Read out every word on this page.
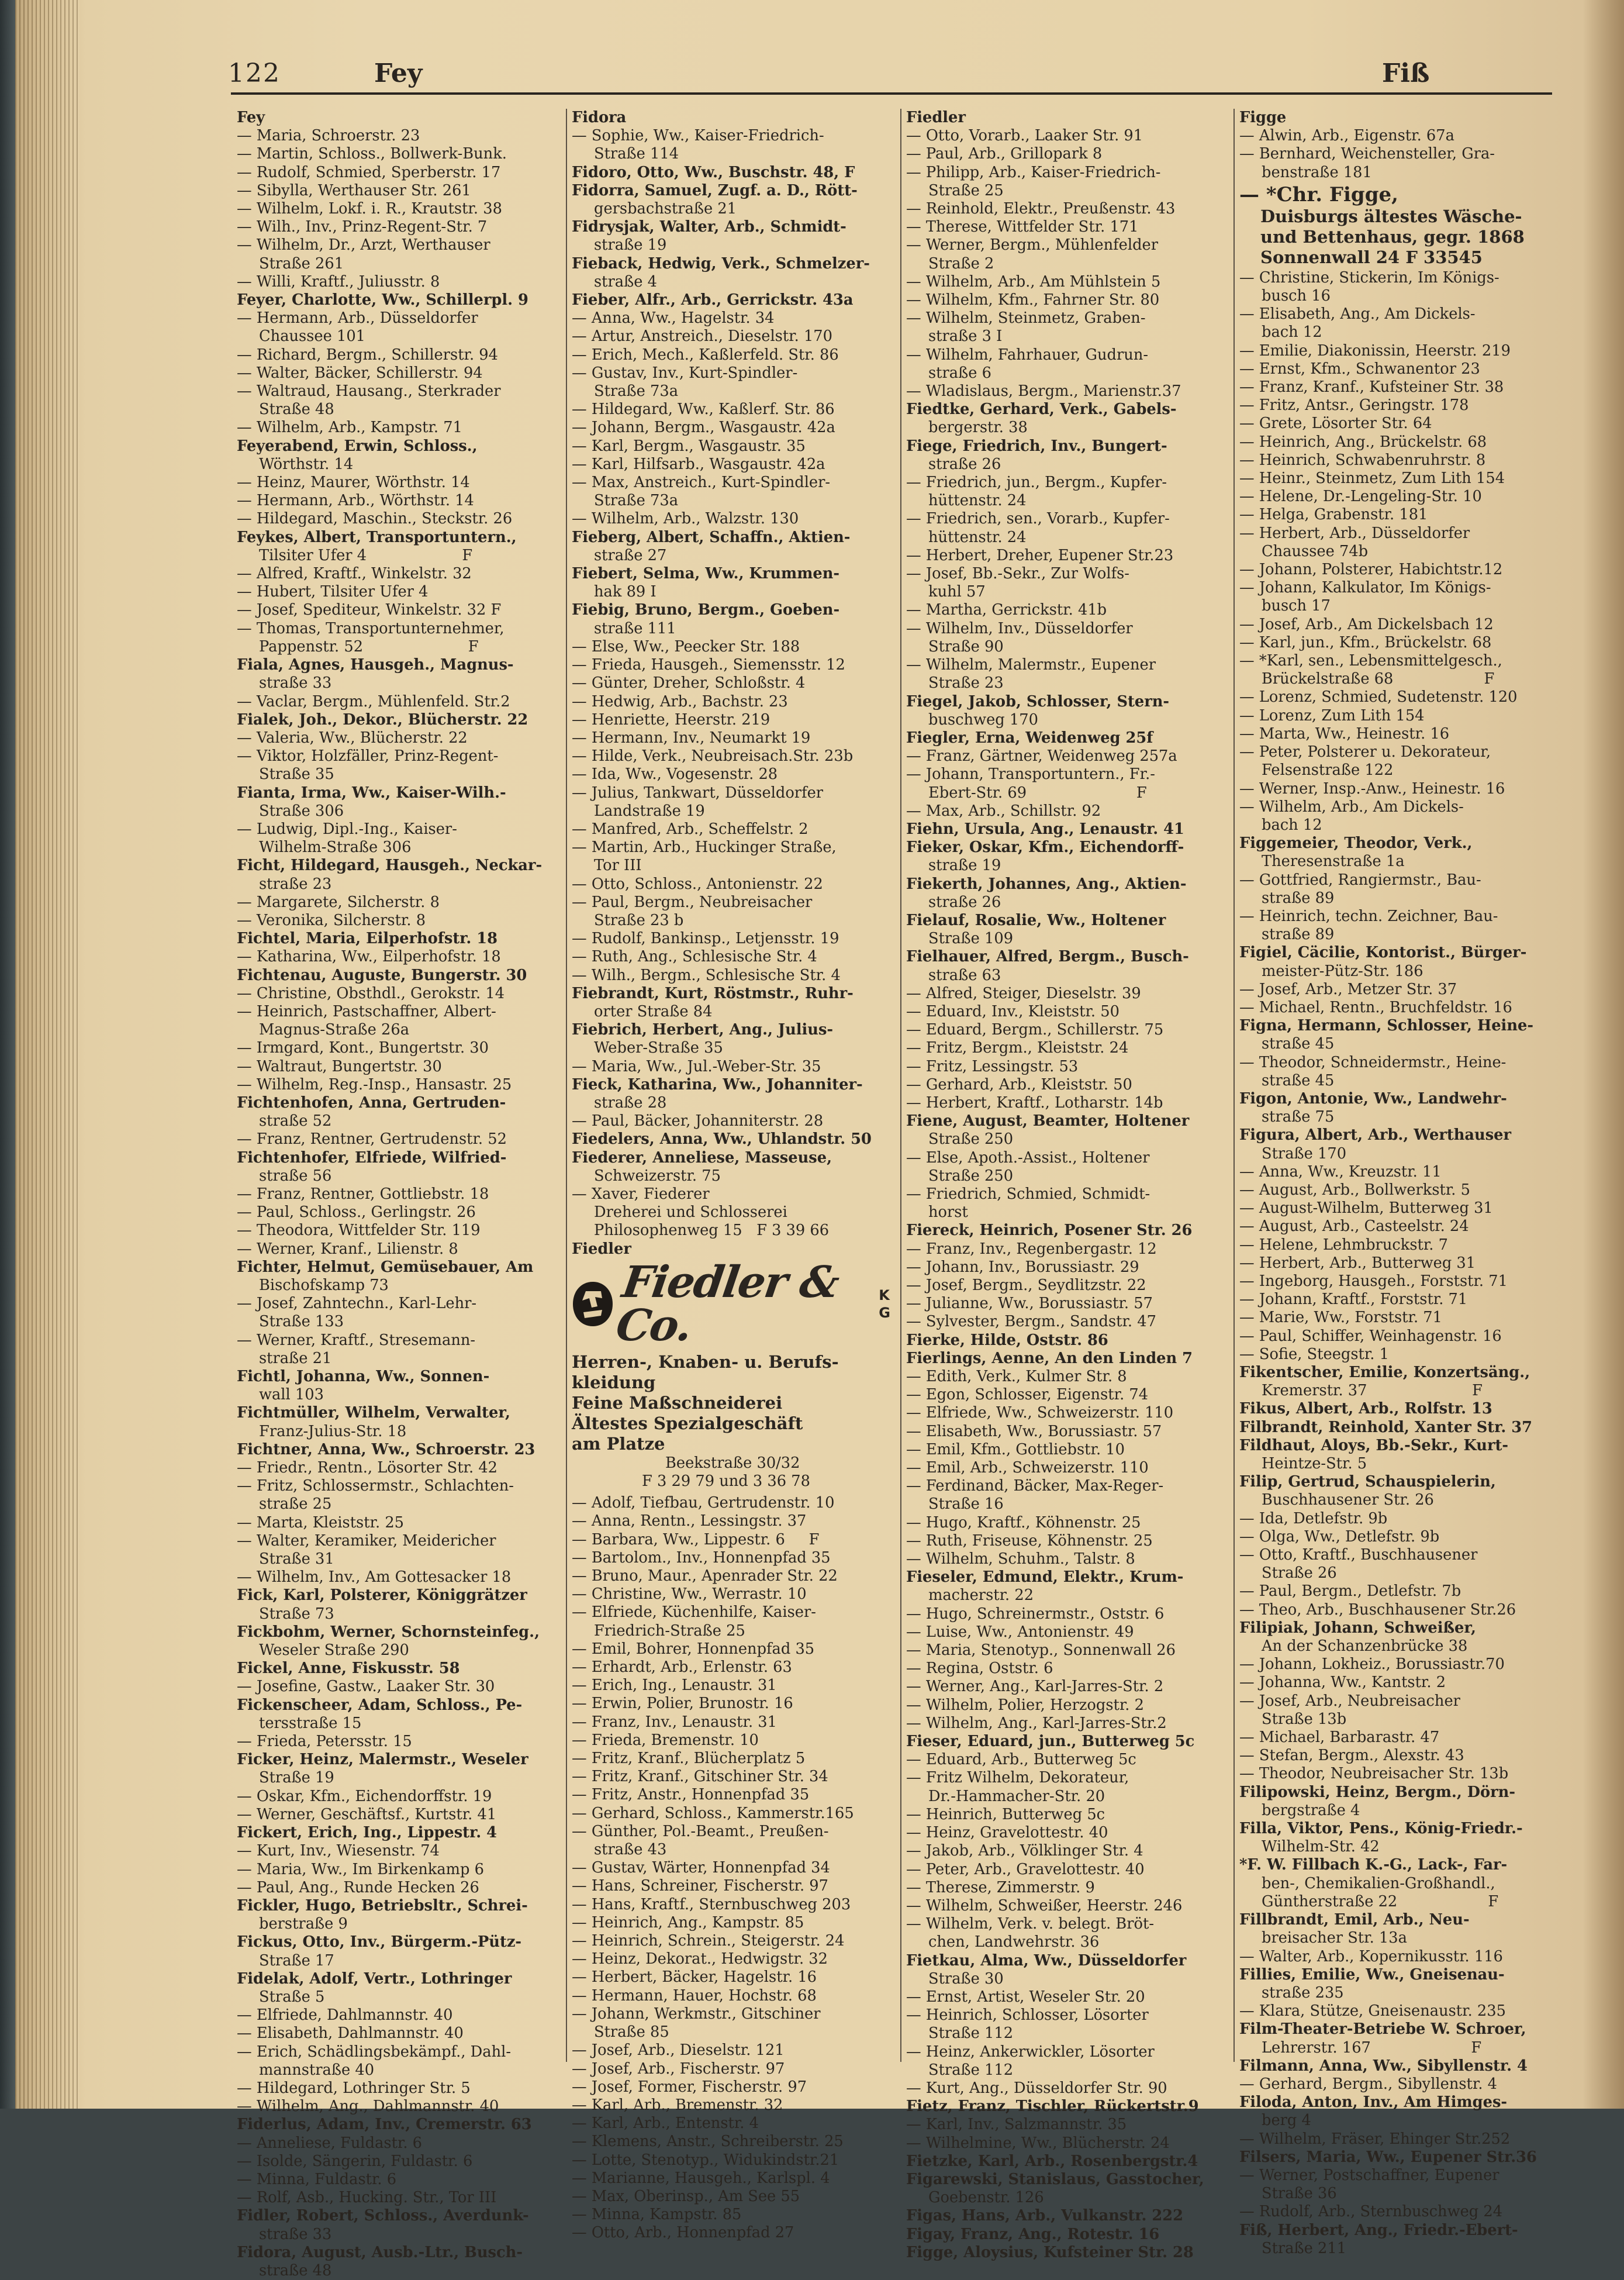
122	Fey	Fiß

Fey

— Maria, Schroerstr. 23

— Martin, Schloss., Bollwerk-Bunk.

— Rudolf, Schmied, Sperberstr. 17

— Sibylla, Werthauser Str. 261

— Wilhelm, Lokf. i. R., Krautstr. 38

— Wilh., Inv., Prinz-Regent-Str. 7

— Wilhelm, Dr., Arzt, Werthauser

Straße 261

— Willi, Kraftf., Juliusstr. 8

Feyer, Charlotte, Ww., Schillerpl. 9

— Hermann, Arb., Düsseldorfer

Chaussee 101

— Richard, Bergm., Schillerstr. 94

— Walter, Bäcker, Schillerstr. 94

— Waltraud, Hausang., Sterkrader

Straße 48

— Wilhelm, Arb., Kampstr. 71

Feyerabend, Erwin, Schloss.,

Wörthstr. 14

— Heinz, Maurer, Wörthstr. 14

— Hermann, Arb., Wörthstr. 14

— Hildegard, Maschin., Steckstr. 26

Feykes, Albert, Transportuntern.,

Tilsiter Ufer 4                    F

— Alfred, Kraftf., Winkelstr. 32

— Hubert, Tilsiter Ufer 4

— Josef, Spediteur, Winkelstr. 32 F

— Thomas, Transportunternehmer,

Pappenstr. 52                      F

Fiala, Agnes, Hausgeh., Magnus-

straße 33

— Vaclar, Bergm., Mühlenfeld. Str.2

Fialek, Joh., Dekor., Blücherstr. 22

— Valeria, Ww., Blücherstr. 22

— Viktor, Holzfäller, Prinz-Regent-

Straße 35

Fianta, Irma, Ww., Kaiser-Wilh.-

Straße 306

— Ludwig, Dipl.-Ing., Kaiser-

Wilhelm-Straße 306

Ficht, Hildegard, Hausgeh., Neckar-

straße 23

— Margarete, Silcherstr. 8

— Veronika, Silcherstr. 8

Fichtel, Maria, Eilperhofstr. 18

— Katharina, Ww., Eilperhofstr. 18

Fichtenau, Auguste, Bungerstr. 30

— Christine, Obsthdl., Gerokstr. 14

— Heinrich, Pastschaffner, Albert-

Magnus-Straße 26a

— Irmgard, Kont., Bungertstr. 30

— Waltraut, Bungertstr. 30

— Wilhelm, Reg.-Insp., Hansastr. 25

Fichtenhofen, Anna, Gertruden-

straße 52

— Franz, Rentner, Gertrudenstr. 52

Fichtenhofer, Elfriede, Wilfried-

straße 56

— Franz, Rentner, Gottliebstr. 18

— Paul, Schloss., Gerlingstr. 26

— Theodora, Wittfelder Str. 119

— Werner, Kranf., Lilienstr. 8

Fichter, Helmut, Gemüsebauer, Am

Bischofskamp 73

— Josef, Zahntechn., Karl-Lehr-

Straße 133

— Werner, Kraftf., Stresemann-

straße 21

Fichtl, Johanna, Ww., Sonnen-

wall 103

Fichtmüller, Wilhelm, Verwalter,

Franz-Julius-Str. 18

Fichtner, Anna, Ww., Schroerstr. 23

— Friedr., Rentn., Lösorter Str. 42

— Fritz, Schlossermstr., Schlachten-

straße 25

— Marta, Kleiststr. 25

— Walter, Keramiker, Meidericher

Straße 31

— Wilhelm, Inv., Am Gottesacker 18

Fick, Karl, Polsterer, Königgrätzer

Straße 73

Fickbohm, Werner, Schornsteinfeg.,

Weseler Straße 290

Fickel, Anne, Fiskusstr. 58

— Josefine, Gastw., Laaker Str. 30

Fickenscheer, Adam, Schloss., Pe-

tersstraße 15

— Frieda, Petersstr. 15

Ficker, Heinz, Malermstr., Weseler

Straße 19

— Oskar, Kfm., Eichendorffstr. 19

— Werner, Geschäftsf., Kurtstr. 41

Fickert, Erich, Ing., Lippestr. 4

— Kurt, Inv., Wiesenstr. 74

— Maria, Ww., Im Birkenkamp 6

— Paul, Ang., Runde Hecken 26

Fickler, Hugo, Betriebsltr., Schrei-

berstraße 9

Fickus, Otto, Inv., Bürgerm.-Pütz-

Straße 17

Fidelak, Adolf, Vertr., Lothringer

Straße 5

— Elfriede, Dahlmannstr. 40

— Elisabeth, Dahlmannstr. 40

— Erich, Schädlingsbekämpf., Dahl-

mannstraße 40

— Hildegard, Lothringer Str. 5

— Wilhelm, Ang., Dahlmannstr. 40

Fiderlus, Adam, Inv., Cremerstr. 63

— Anneliese, Fuldastr. 6

— Isolde, Sängerin, Fuldastr. 6

— Minna, Fuldastr. 6

— Rolf, Asb., Hucking. Str., Tor III

Fidler, Robert, Schloss., Averdunk-

straße 33

Fidora, August, Ausb.-Ltr., Busch-

straße 48

Fidora

— Sophie, Ww., Kaiser-Friedrich-

Straße 114

Fidoro, Otto, Ww., Buschstr. 48, F

Fidorra, Samuel, Zugf. a. D., Rött-

gersbachstraße 21

Fidrysjak, Walter, Arb., Schmidt-

straße 19

Fieback, Hedwig, Verk., Schmelzer-

straße 4

Fieber, Alfr., Arb., Gerrickstr. 43a

— Anna, Ww., Hagelstr. 34

— Artur, Anstreich., Dieselstr. 170

— Erich, Mech., Kaßlerfeld. Str. 86

— Gustav, Inv., Kurt-Spindler-

Straße 73a

— Hildegard, Ww., Kaßlerf. Str. 86

— Johann, Bergm., Wasgaustr. 42a

— Karl, Bergm., Wasgaustr. 35

— Karl, Hilfsarb., Wasgaustr. 42a

— Max, Anstreich., Kurt-Spindler-

Straße 73a

— Wilhelm, Arb., Walzstr. 130

Fieberg, Albert, Schaffn., Aktien-

straße 27

Fiebert, Selma, Ww., Krummen-

hak 89 I

Fiebig, Bruno, Bergm., Goeben-

straße 111

— Else, Ww., Peecker Str. 188

— Frieda, Hausgeh., Siemensstr. 12

— Günter, Dreher, Schloßstr. 4

— Hedwig, Arb., Bachstr. 23

— Henriette, Heerstr. 219

— Hermann, Inv., Neumarkt 19

— Hilde, Verk., Neubreisach.Str. 23b

— Ida, Ww., Vogesenstr. 28

— Julius, Tankwart, Düsseldorfer

Landstraße 19

— Manfred, Arb., Scheffelstr. 2

— Martin, Arb., Huckinger Straße,

Tor III

— Otto, Schloss., Antonienstr. 22

— Paul, Bergm., Neubreisacher

Straße 23 b

— Rudolf, Bankinsp., Letjensstr. 19

— Ruth, Ang., Schlesische Str. 4

— Wilh., Bergm., Schlesische Str. 4

Fiebrandt, Kurt, Röstmstr., Ruhr-

orter Straße 84

Fiebrich, Herbert, Ang., Julius-

Weber-Straße 35

— Maria, Ww., Jul.-Weber-Str. 35

Fieck, Katharina, Ww., Johanniter-

straße 28

— Paul, Bäcker, Johanniterstr. 28

Fiedelers, Anna, Ww., Uhlandstr. 50

Fiederer, Anneliese, Masseuse,

Schweizerstr. 75

— Xaver, Fiederer

Dreherei und Schlosserei

Philosophenweg 15   F 3 39 66

Fiedler

Fiedler & Co.
K
G

Herren-, Knaben- u. Berufs-

kleidung

Feine Maßschneiderei

Ältestes Spezialgeschäft

am Platze

Beekstraße 30/32

F 3 29 79 und 3 36 78

— Adolf, Tiefbau, Gertrudenstr. 10

— Anna, Rentn., Lessingstr. 37

— Barbara, Ww., Lippestr. 6     F

— Bartolom., Inv., Honnenpfad 35

— Bruno, Maur., Apenrader Str. 22

— Christine, Ww., Werrastr. 10

— Elfriede, Küchenhilfe, Kaiser-

Friedrich-Straße 25

— Emil, Bohrer, Honnenpfad 35

— Erhardt, Arb., Erlenstr. 63

— Erich, Ing., Lenaustr. 31

— Erwin, Polier, Brunostr. 16

— Franz, Inv., Lenaustr. 31

— Frieda, Bremenstr. 10

— Fritz, Kranf., Blücherplatz 5

— Fritz, Kranf., Gitschiner Str. 34

— Fritz, Anstr., Honnenpfad 35

— Gerhard, Schloss., Kammerstr.165

— Günther, Pol.-Beamt., Preußen-

straße 43

— Gustav, Wärter, Honnenpfad 34

— Hans, Schreiner, Fischerstr. 97

— Hans, Kraftf., Sternbuschweg 203

— Heinrich, Ang., Kampstr. 85

— Heinrich, Schrein., Steigerstr. 24

— Heinz, Dekorat., Hedwigstr. 32

— Herbert, Bäcker, Hagelstr. 16

— Hermann, Hauer, Hochstr. 68

— Johann, Werkmstr., Gitschiner

Straße 85

— Josef, Arb., Dieselstr. 121

— Josef, Arb., Fischerstr. 97

— Josef, Former, Fischerstr. 97

— Karl, Arb., Bremenstr. 32

— Karl, Arb., Entenstr. 4

— Klemens, Anstr., Schreiberstr. 25

— Lotte, Stenotyp., Widukindstr.21

— Marianne, Hausgeh., Karlspl. 4

— Max, Oberinsp., Am See 55

— Minna, Kampstr. 85

— Otto, Arb., Honnenpfad 27

Fiedler

— Otto, Vorarb., Laaker Str. 91

— Paul, Arb., Grillopark 8

— Philipp, Arb., Kaiser-Friedrich-

Straße 25

— Reinhold, Elektr., Preußenstr. 43

— Therese, Wittfelder Str. 171

— Werner, Bergm., Mühlenfelder

Straße 2

— Wilhelm, Arb., Am Mühlstein 5

— Wilhelm, Kfm., Fahrner Str. 80

— Wilhelm, Steinmetz, Graben-

straße 3 I

— Wilhelm, Fahrhauer, Gudrun-

straße 6

— Wladislaus, Bergm., Marienstr.37

Fiedtke, Gerhard, Verk., Gabels-

bergerstr. 38

Fiege, Friedrich, Inv., Bungert-

straße 26

— Friedrich, jun., Bergm., Kupfer-

hüttenstr. 24

— Friedrich, sen., Vorarb., Kupfer-

hüttenstr. 24

— Herbert, Dreher, Eupener Str.23

— Josef, Bb.-Sekr., Zur Wolfs-

kuhl 57

— Martha, Gerrickstr. 41b

— Wilhelm, Inv., Düsseldorfer

Straße 90

— Wilhelm, Malermstr., Eupener

Straße 23

Fiegel, Jakob, Schlosser, Stern-

buschweg 170

Fiegler, Erna, Weidenweg 25f

— Franz, Gärtner, Weidenweg 257a

— Johann, Transportuntern., Fr.-

Ebert-Str. 69                       F

— Max, Arb., Schillstr. 92

Fiehn, Ursula, Ang., Lenaustr. 41

Fieker, Oskar, Kfm., Eichendorff-

straße 19

Fiekerth, Johannes, Ang., Aktien-

straße 26

Fielauf, Rosalie, Ww., Holtener

Straße 109

Fielhauer, Alfred, Bergm., Busch-

straße 63

— Alfred, Steiger, Dieselstr. 39

— Eduard, Inv., Kleiststr. 50

— Eduard, Bergm., Schillerstr. 75

— Fritz, Bergm., Kleiststr. 24

— Fritz, Lessingstr. 53

— Gerhard, Arb., Kleiststr. 50

— Herbert, Kraftf., Lotharstr. 14b

Fiene, August, Beamter, Holtener

Straße 250

— Else, Apoth.-Assist., Holtener

Straße 250

— Friedrich, Schmied, Schmidt-

horst

Fiereck, Heinrich, Posener Str. 26

— Franz, Inv., Regenbergastr. 12

— Johann, Inv., Borussiastr. 29

— Josef, Bergm., Seydlitzstr. 22

— Julianne, Ww., Borussiastr. 57

— Sylvester, Bergm., Sandstr. 47

Fierke, Hilde, Oststr. 86

Fierlings, Aenne, An den Linden 7

— Edith, Verk., Kulmer Str. 8

— Egon, Schlosser, Eigenstr. 74

— Elfriede, Ww., Schweizerstr. 110

— Elisabeth, Ww., Borussiastr. 57

— Emil, Kfm., Gottliebstr. 10

— Emil, Arb., Schweizerstr. 110

— Ferdinand, Bäcker, Max-Reger-

Straße 16

— Hugo, Kraftf., Köhnenstr. 25

— Ruth, Friseuse, Köhnenstr. 25

— Wilhelm, Schuhm., Talstr. 8

Fieseler, Edmund, Elektr., Krum-

macherstr. 22

— Hugo, Schreinermstr., Oststr. 6

— Luise, Ww., Antonienstr. 49

— Maria, Stenotyp., Sonnenwall 26

— Regina, Oststr. 6

— Werner, Ang., Karl-Jarres-Str. 2

— Wilhelm, Polier, Herzogstr. 2

— Wilhelm, Ang., Karl-Jarres-Str.2

Fieser, Eduard, jun., Butterweg 5c

— Eduard, Arb., Butterweg 5c

— Fritz Wilhelm, Dekorateur,

Dr.-Hammacher-Str. 20

— Heinrich, Butterweg 5c

— Heinz, Gravelottestr. 40

— Jakob, Arb., Völklinger Str. 4

— Peter, Arb., Gravelottestr. 40

— Therese, Zimmerstr. 9

— Wilhelm, Schweißer, Heerstr. 246

— Wilhelm, Verk. v. belegt. Bröt-

chen, Landwehrstr. 36

Fietkau, Alma, Ww., Düsseldorfer

Straße 30

— Ernst, Artist, Weseler Str. 20

— Heinrich, Schlosser, Lösorter

Straße 112

— Heinz, Ankerwickler, Lösorter

Straße 112

— Kurt, Ang., Düsseldorfer Str. 90

Fietz, Franz, Tischler, Rückertstr.9

— Karl, Inv., Salzmannstr. 35

— Wilhelmine, Ww., Blücherstr. 24

Fietzke, Karl, Arb., Rosenbergstr.4

Figarewski, Stanislaus, Gasstocher,

Goebenstr. 126

Figas, Hans, Arb., Vulkanstr. 222

Figay, Franz, Ang., Rotestr. 16

Figge, Aloysius, Kufsteiner Str. 28

Figge

— Alwin, Arb., Eigenstr. 67a

— Bernhard, Weichensteller, Gra-

benstraße 181

— *Chr. Figge,

Duisburgs ältestes Wäsche-

und Bettenhaus, gegr. 1868

Sonnenwall 24 F 33545

— Christine, Stickerin, Im Königs-

busch 16

— Elisabeth, Ang., Am Dickels-

bach 12

— Emilie, Diakonissin, Heerstr. 219

— Ernst, Kfm., Schwanentor 23

— Franz, Kranf., Kufsteiner Str. 38

— Fritz, Antsr., Geringstr. 178

— Grete, Lösorter Str. 64

— Heinrich, Ang., Brückelstr. 68

— Heinrich, Schwabenruhrstr. 8

— Heinr., Steinmetz, Zum Lith 154

— Helene, Dr.-Lengeling-Str. 10

— Helga, Grabenstr. 181

— Herbert, Arb., Düsseldorfer

Chaussee 74b

— Johann, Polsterer, Habichtstr.12

— Johann, Kalkulator, Im Königs-

busch 17

— Josef, Arb., Am Dickelsbach 12

— Karl, jun., Kfm., Brückelstr. 68

— *Karl, sen., Lebensmittelgesch.,

Brückelstraße 68                   F

— Lorenz, Schmied, Sudetenstr. 120

— Lorenz, Zum Lith 154

— Marta, Ww., Heinestr. 16

— Peter, Polsterer u. Dekorateur,

Felsenstraße 122

— Werner, Insp.-Anw., Heinestr. 16

— Wilhelm, Arb., Am Dickels-

bach 12

Figgemeier, Theodor, Verk.,

Theresenstraße 1a

— Gottfried, Rangiermstr., Bau-

straße 89

— Heinrich, techn. Zeichner, Bau-

straße 89

Figiel, Cäcilie, Kontorist., Bürger-

meister-Pütz-Str. 186

— Josef, Arb., Metzer Str. 37

— Michael, Rentn., Bruchfeldstr. 16

Figna, Hermann, Schlosser, Heine-

straße 45

— Theodor, Schneidermstr., Heine-

straße 45

Figon, Antonie, Ww., Landwehr-

straße 75

Figura, Albert, Arb., Werthauser

Straße 170

— Anna, Ww., Kreuzstr. 11

— August, Arb., Bollwerkstr. 5

— August-Wilhelm, Butterweg 31

— August, Arb., Casteelstr. 24

— Helene, Lehmbruckstr. 7

— Herbert, Arb., Butterweg 31

— Ingeborg, Hausgeh., Forststr. 71

— Johann, Kraftf., Forststr. 71

— Marie, Ww., Forststr. 71

— Paul, Schiffer, Weinhagenstr. 16

— Sofie, Steegstr. 1

Fikentscher, Emilie, Konzertsäng.,

Kremerstr. 37                      F

Fikus, Albert, Arb., Rolfstr. 13

Filbrandt, Reinhold, Xanter Str. 37

Fildhaut, Aloys, Bb.-Sekr., Kurt-

Heintze-Str. 5

Filip, Gertrud, Schauspielerin,

Buschhausener Str. 26

— Ida, Detlefstr. 9b

— Olga, Ww., Detlefstr. 9b

— Otto, Kraftf., Buschhausener

Straße 26

— Paul, Bergm., Detlefstr. 7b

— Theo, Arb., Buschhausener Str.26

Filipiak, Johann, Schweißer,

An der Schanzenbrücke 38

— Johann, Lokheiz., Borussiastr.70

— Johanna, Ww., Kantstr. 2

— Josef, Arb., Neubreisacher

Straße 13b

— Michael, Barbarastr. 47

— Stefan, Bergm., Alexstr. 43

— Theodor, Neubreisacher Str. 13b

Filipowski, Heinz, Bergm., Dörn-

bergstraße 4

Filla, Viktor, Pens., König-Friedr.-

Wilhelm-Str. 42

*F. W. Fillbach K.-G., Lack-, Far-

ben-, Chemikalien-Großhandl.,

Güntherstraße 22                   F

Fillbrandt, Emil, Arb., Neu-

breisacher Str. 13a

— Walter, Arb., Kopernikusstr. 116

Fillies, Emilie, Ww., Gneisenau-

straße 235

— Klara, Stütze, Gneisenaustr. 235

Film-Theater-Betriebe W. Schroer,

Lehrerstr. 167                     F

Filmann, Anna, Ww., Sibyllenstr. 4

— Gerhard, Bergm., Sibyllenstr. 4

Filoda, Anton, Inv., Am Himges-

berg 4

— Wilhelm, Fräser, Ehinger Str.252

Filsers, Maria, Ww., Eupener Str.36

— Werner, Postschaffner, Eupener

Straße 36

— Rudolf, Arb., Sternbuschweg 24

Fiß, Herbert, Ang., Friedr.-Ebert-

Straße 211
